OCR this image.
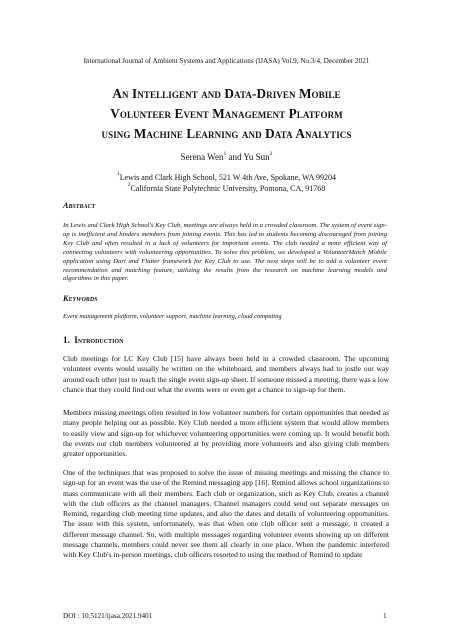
International Journal of Ambient Systems and Applications (IJASA) Vol.9, No.3/4, December 2021
An Intelligent and Data-Driven Mobile
Volunteer Event Management Platform
using Machine Learning and Data Analytics
Serena Wen$^1$ and Yu Sun$^2$
$^1$Lewis and Clark High School, 521 W 4th Ave, Spokane, WA 99204
$^2$California State Polytechnic University, Pomona, CA, 91768
Abstract
In Lewis and Clark High School's Key Club, meetings are always held in a crowded classroom. The system of event sign-up is inefficient and hinders members from joining events. This has led to students becoming discouraged from joining Key Club and often resulted in a lack of volunteers for important events. The club needed a more efficient way of connecting volunteers with volunteering opportunities. To solve this problem, we developed a VolunteerMatch Mobile application using Dart and Flutter framework for Key Club to use. The next steps will be to add a volunteer event recommendation and matching feature, utilizing the results from the research on machine learning models and algorithms in this paper.
Keywords
Event management platform, volunteer support, machine learning, cloud computing
1. Introduction
Club meetings for LC Key Club [15] have always been held in a crowded classroom. The upcoming volunteer events would usually be written on the whiteboard, and members always had to jostle our way around each other just to reach the single event sign-up sheet. If someone missed a meeting, there was a low chance that they could find out what the events were or even get a chance to sign-up for them.
Members missing meetings often resulted in low volunteer numbers for certain opportunities that needed as many people helping out as possible. Key Club needed a more efficient system that would allow members to easily view and sign-up for whichever volunteering opportunities were coming up. It would benefit both the events our club members volunteered at by providing more volunteers and also giving club members greater opportunities.
One of the techniques that was proposed to solve the issue of missing meetings and missing the chance to sign-up for an event was the use of the Remind messaging app [16]. Remind allows school organizations to mass communicate with all their members. Each club or organization, such as Key Club, creates a channel with the club officers as the channel managers. Channel managers could send out separate messages on Remind, regarding club meeting time updates, and also the dates and details of volunteering opportunities. The issue with this system, unfortunately, was that when one club officer sent a message, it created a different message channel. So, with multiple messages regarding volunteer events showing up on different message channels, members could never see them all clearly in one place. When the pandemic interfered with Key Club's in-person meetings, club officers resorted to using the method of Remind to update
DOI : 10.5121/ijasa.2021.9401	1
